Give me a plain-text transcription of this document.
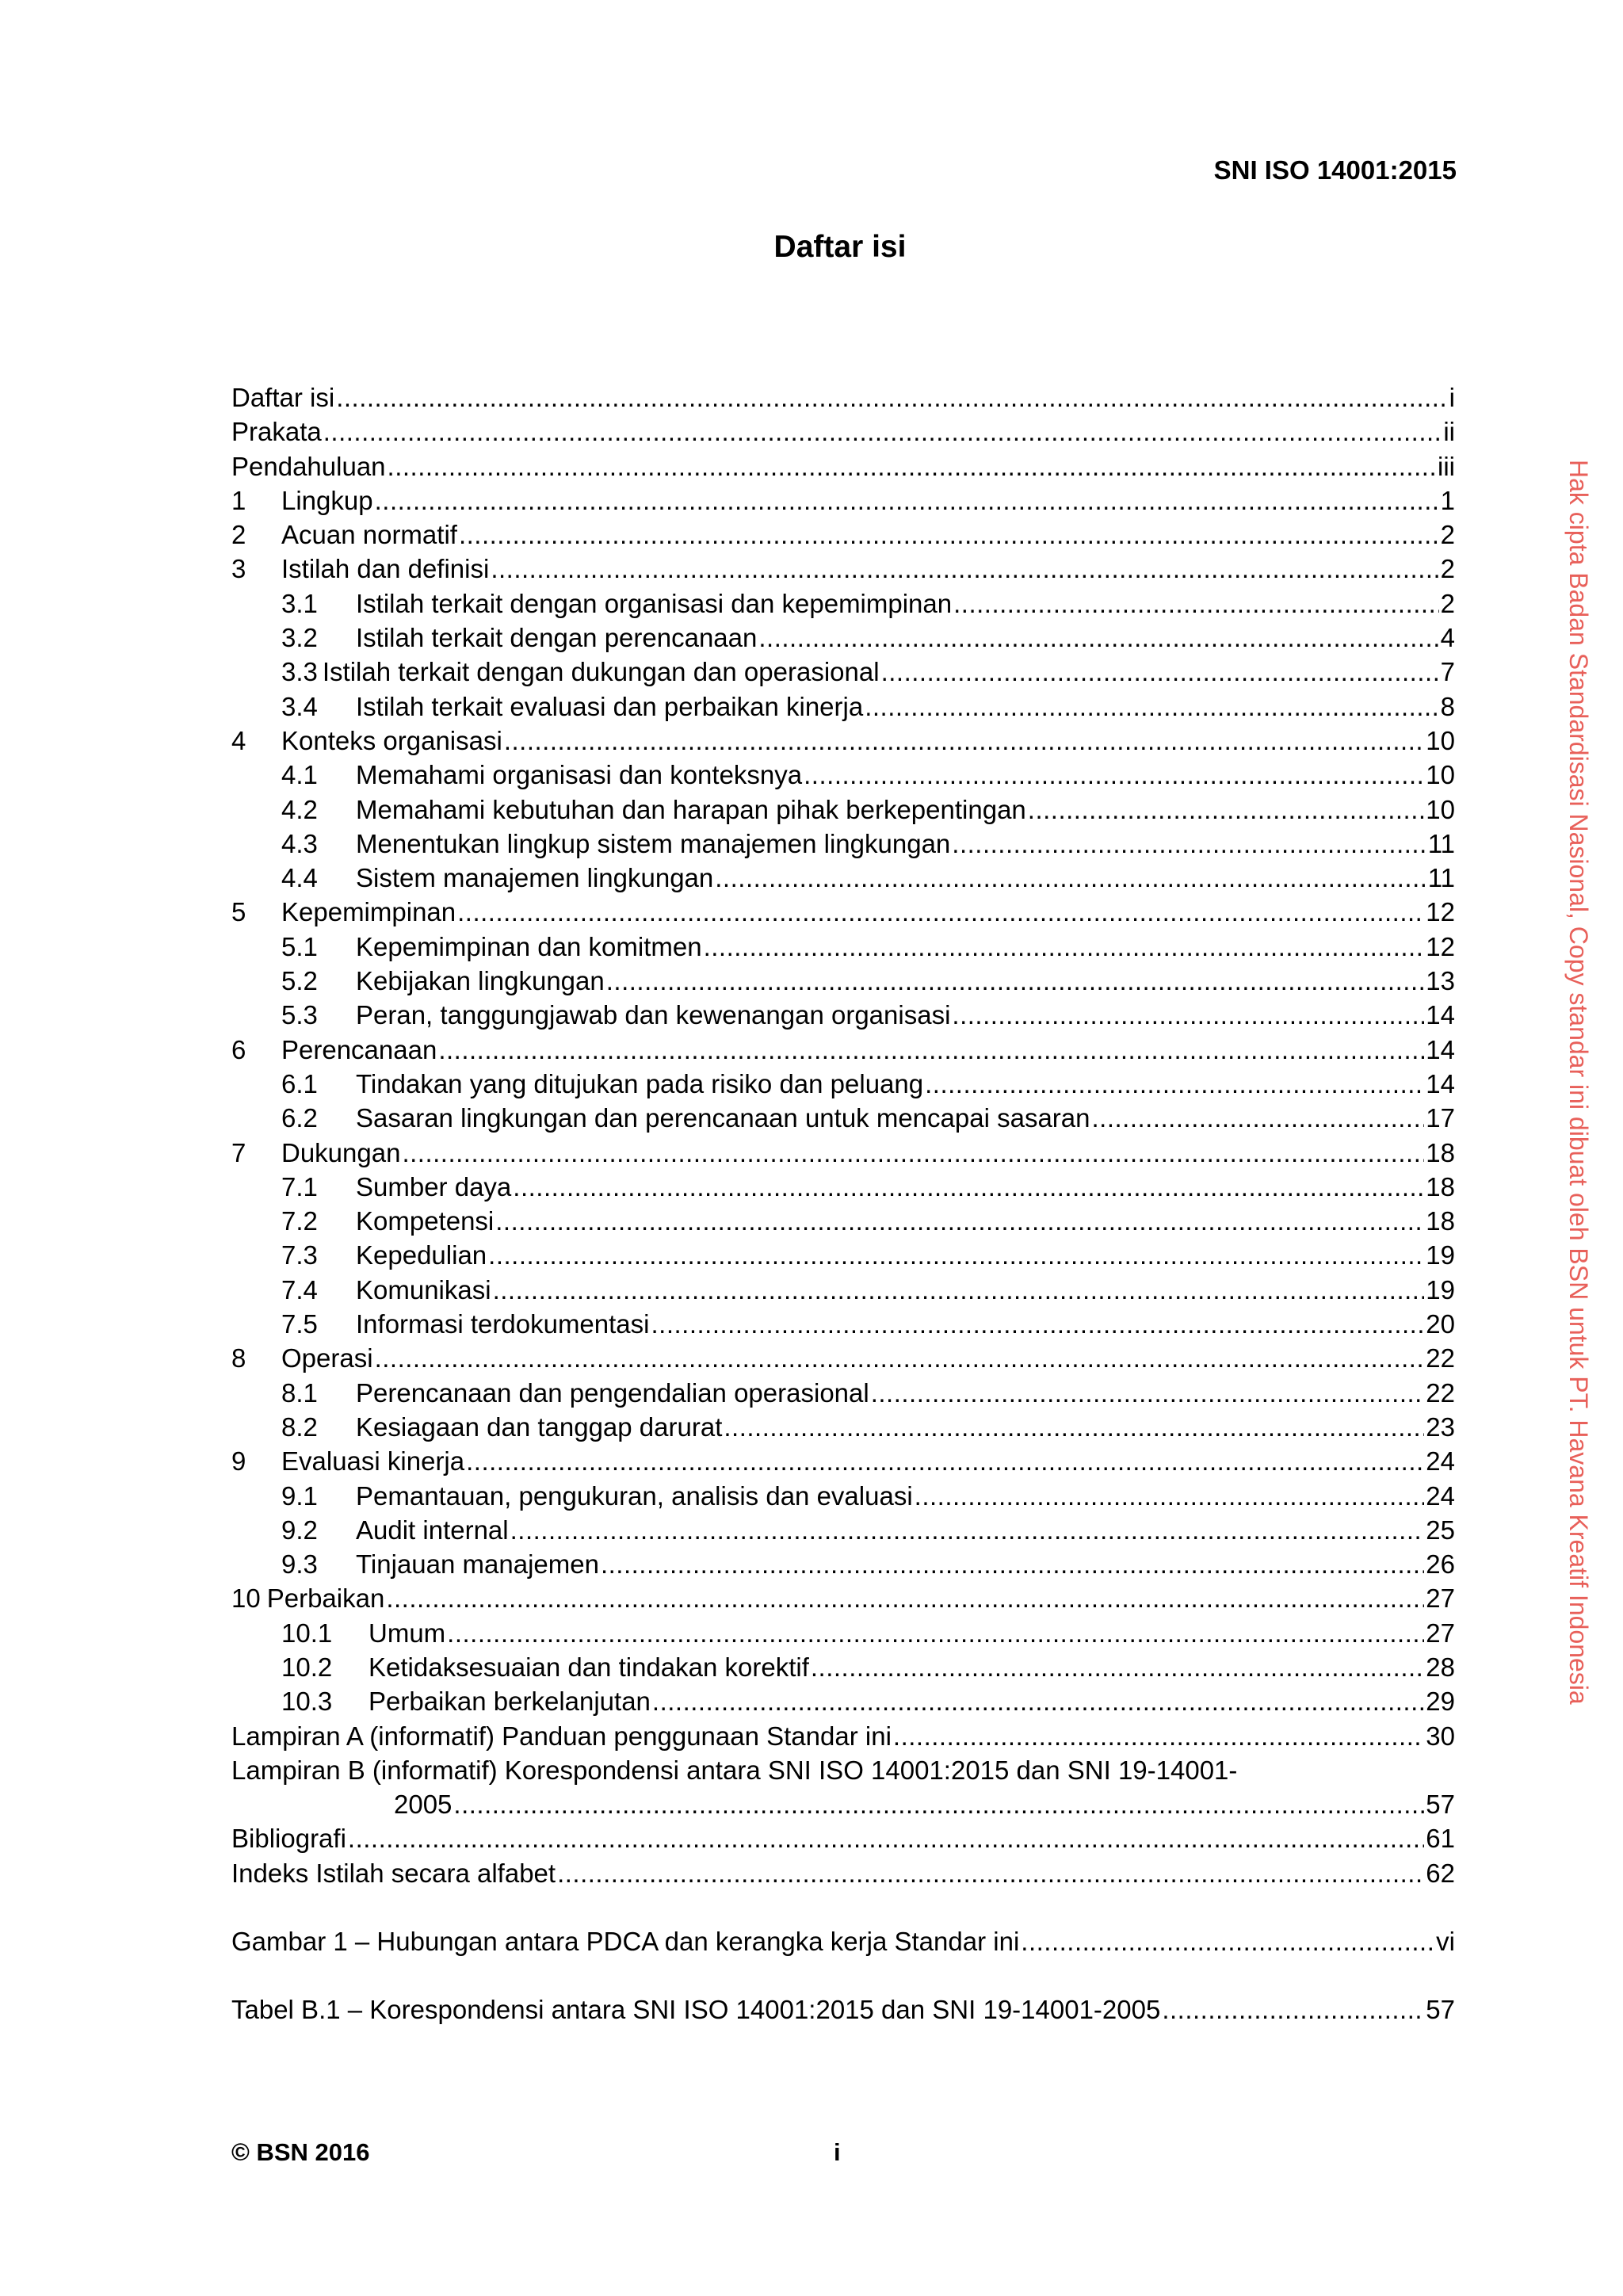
SNI ISO 14001:2015
Daftar isi
Daftar isi .....	i
Prakata .....	ii
Pendahuluan .....	iii
1	Lingkup .....	1
2	Acuan normatif .....	2
3	Istilah dan definisi .....	2
3.1	Istilah terkait dengan organisasi dan kepemimpinan .....	2
3.2	Istilah terkait dengan perencanaan .....	4
3.3 Istilah terkait dengan dukungan dan operasional .....	7
3.4	Istilah terkait evaluasi dan perbaikan kinerja .....	8
4	Konteks organisasi .....	10
4.1	Memahami organisasi dan konteksnya .....	10
4.2	Memahami kebutuhan dan harapan pihak berkepentingan .....	10
4.3	Menentukan lingkup sistem manajemen lingkungan .....	11
4.4	Sistem manajemen lingkungan .....	11
5	Kepemimpinan .....	12
5.1	Kepemimpinan dan komitmen .....	12
5.2	Kebijakan lingkungan .....	13
5.3	Peran, tanggungjawab dan kewenangan organisasi .....	14
6	Perencanaan .....	14
6.1	Tindakan yang ditujukan pada risiko dan peluang .....	14
6.2	Sasaran lingkungan dan perencanaan untuk mencapai sasaran .....	17
7	Dukungan .....	18
7.1	Sumber daya .....	18
7.2	Kompetensi .....	18
7.3	Kepedulian .....	19
7.4	Komunikasi .....	19
7.5	Informasi terdokumentasi .....	20
8	Operasi .....	22
8.1	Perencanaan dan pengendalian operasional .....	22
8.2	Kesiagaan dan tanggap darurat .....	23
9	Evaluasi kinerja .....	24
9.1	Pemantauan, pengukuran, analisis dan evaluasi .....	24
9.2	Audit internal .....	25
9.3	Tinjauan manajemen .....	26
10 Perbaikan .....	27
10.1	Umum .....	27
10.2	Ketidaksesuaian dan tindakan korektif .....	28
10.3	Perbaikan berkelanjutan .....	29
Lampiran A (informatif) Panduan penggunaan Standar ini .....	30
Lampiran B (informatif) Korespondensi antara SNI ISO 14001:2015 dan SNI 19-14001-
2005 .....	57
Bibliografi .....	61
Indeks Istilah secara alfabet .....	62
Gambar 1 – Hubungan antara PDCA dan kerangka kerja Standar ini .....	vi
Tabel B.1 – Korespondensi antara SNI ISO 14001:2015 dan SNI 19-14001-2005 .....	57
© BSN 2016	i
Hak cipta Badan Standardisasi Nasional, Copy standar ini dibuat oleh BSN untuk PT. Havana Kreatif Indonesia
